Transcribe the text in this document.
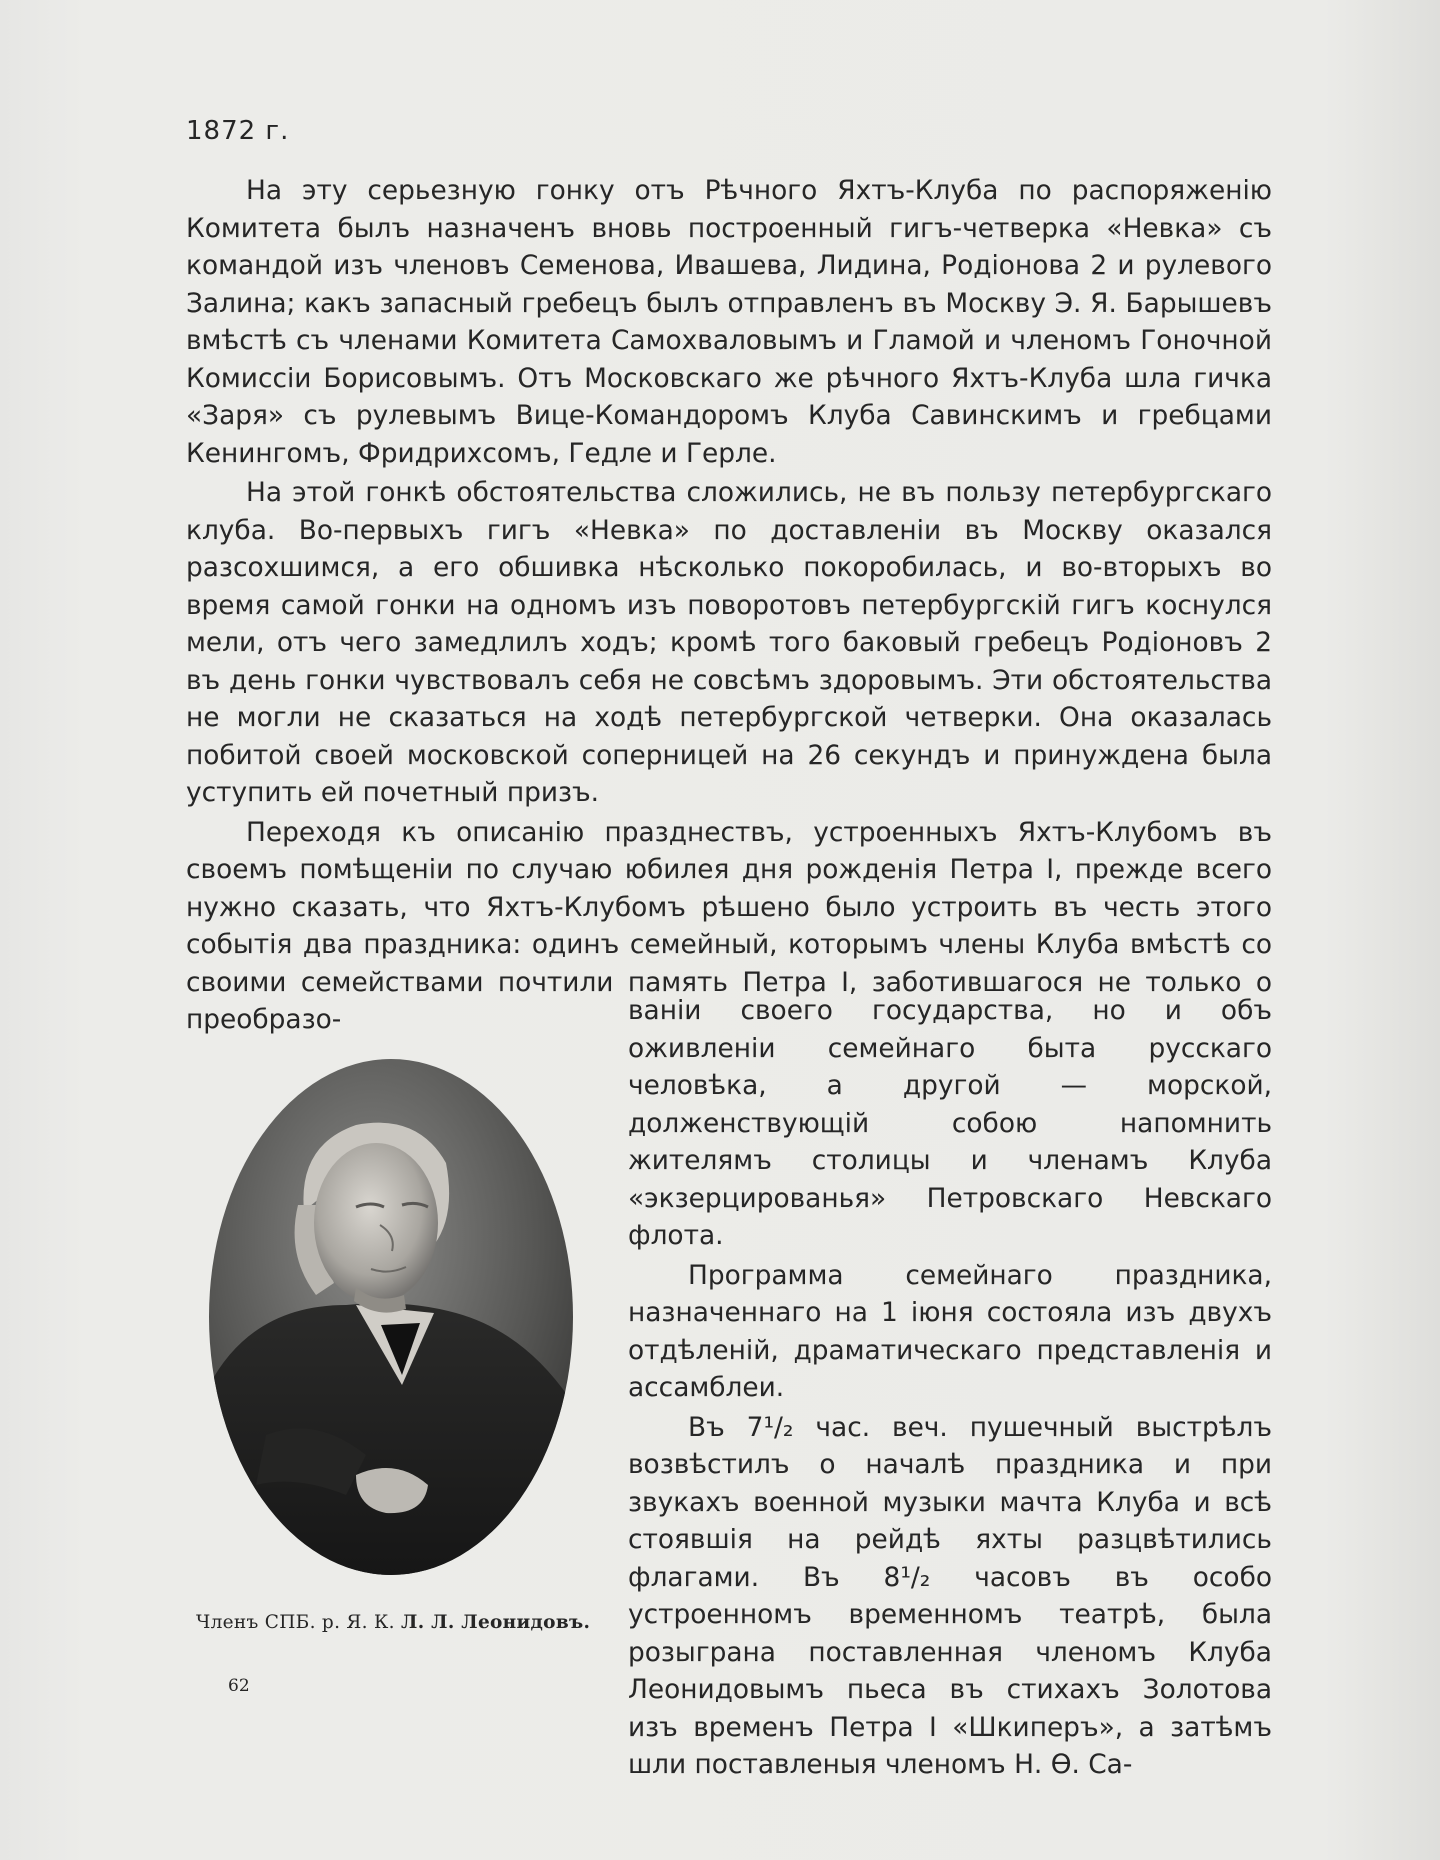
1872 г.

На эту серьезную гонку отъ Рѣчного Яхтъ-Клуба по распоряженію Комитета былъ назначенъ вновь построенный гигъ-четверка «Невка» съ командой изъ членовъ Семенова, Ивашева, Лидина, Родіонова 2 и рулевого Залина; какъ запасный гребецъ былъ отправленъ въ Москву Э. Я. Барышевъ вмѣстѣ съ членами Комитета Самохваловымъ и Гламой и членомъ Гоночной Комиссіи Борисовымъ. Отъ Московскаго же рѣчного Яхтъ-Клуба шла гичка «Заря» съ рулевымъ Вице-Командоромъ Клуба Савинскимъ и гребцами Кенингомъ, Фридрихсомъ, Гедле и Герле.

На этой гонкѣ обстоятельства сложились, не въ пользу петербургскаго клуба. Во-первыхъ гигъ «Невка» по доставленіи въ Москву оказался разсохшимся, а его обшивка нѣсколько покоробилась, и во-вторыхъ во время самой гонки на одномъ изъ поворотовъ петербургскій гигъ коснулся мели, отъ чего замедлилъ ходъ; кромѣ того баковый гребецъ Родіоновъ 2 въ день гонки чувствовалъ себя не совсѣмъ здоровымъ. Эти обстоятельства не могли не сказаться на ходѣ петербургской четверки. Она оказалась побитой своей московской соперницей на 26 секундъ и принуждена была уступить ей почетный призъ.

Переходя къ описанію празднествъ, устроенныхъ Яхтъ-Клубомъ въ своемъ помѣщеніи по случаю юбилея дня рожденія Петра I, прежде всего нужно сказать, что Яхтъ-Клубомъ рѣшено было устроить въ честь этого событія два праздника: одинъ семейный, которымъ члены Клуба вмѣстѣ со своими семействами почтили память Петра I, заботившагося не только о преобразо-	ваніи своего государства, но и объ оживленіи семейнаго быта русскаго человѣка, а другой — морской, долженствующій собою напомнить жителямъ столицы и членамъ Клуба «экзерцированья» Петровскаго Невскаго флота.

Программа семейнаго праздника, назначеннаго на 1 іюня состояла изъ двухъ отдѣленій, драматическаго представленія и ассамблеи.

Въ 7¹/₂ час. веч. пушечный выстрѣлъ возвѣстилъ о началѣ праздника и при звукахъ военной музыки мачта Клуба и всѣ стоявшія на рейдѣ яхты разцвѣтились флагами. Въ 8¹/₂ часовъ въ особо устроенномъ временномъ театрѣ, была розыграна поставленная членомъ Клуба Леонидовымъ пьеса въ стихахъ Золотова изъ временъ Петра I «Шкиперъ», а затѣмъ шли поставленыя членомъ Н. Ѳ. Са-

Членъ СПБ. р. Я. К. Л. Л. Леонидовъ.
62
